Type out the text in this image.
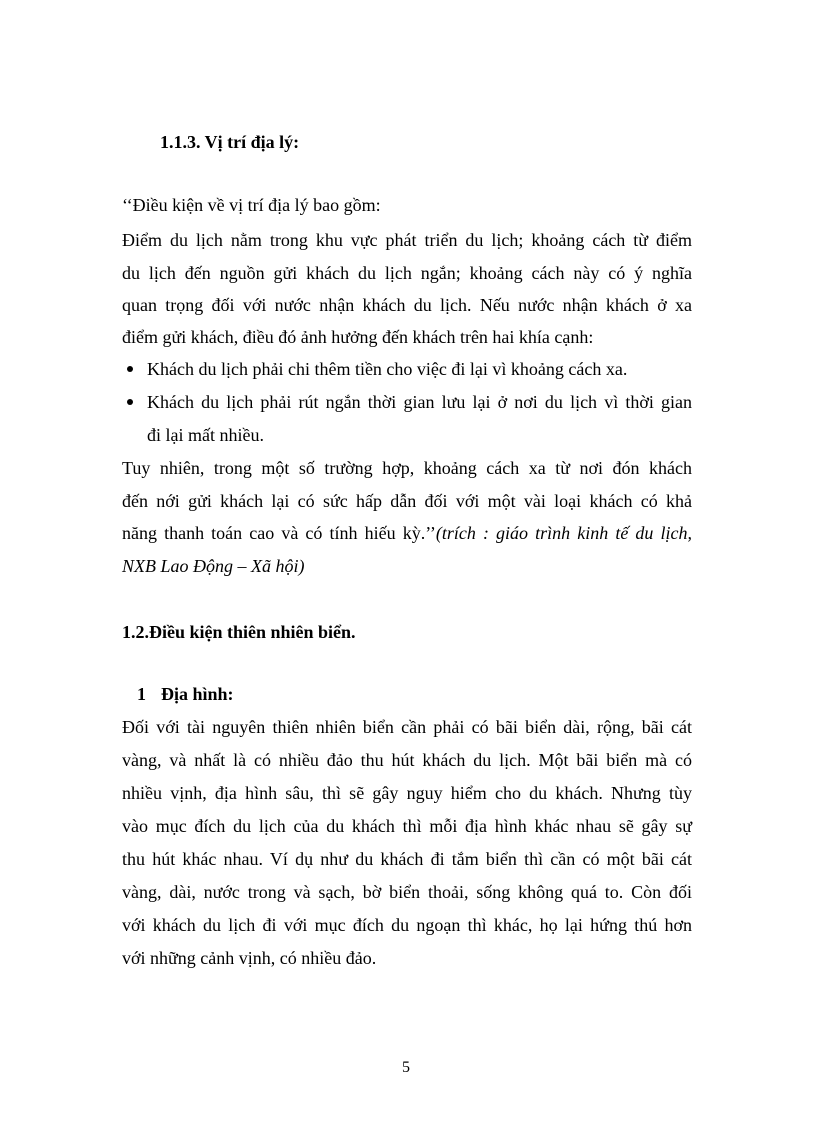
1.1.3. Vị trí địa lý:
‘‘Điều kiện về vị trí địa lý bao gồm:
Điểm du lịch nằm trong khu vực phát triển du lịch; khoảng cách từ điểm
du lịch đến nguồn gửi khách du lịch ngắn; khoảng cách này có ý nghĩa
quan trọng đối với nước nhận khách du lịch. Nếu nước nhận khách ở xa
điểm gửi khách, điều đó ảnh hưởng đến khách trên hai khía cạnh:
Khách du lịch phải chi thêm tiền cho việc đi lại vì khoảng cách xa.
Khách du lịch phải rút ngắn thời gian lưu lại ở nơi du lịch vì thời gian
đi lại mất nhiều.
Tuy nhiên, trong một số trường hợp, khoảng cách xa từ nơi đón khách
đến nới gửi khách lại có sức hấp dẫn đối với một vài loại khách có khả
năng thanh toán cao và có tính hiếu kỳ.’’(trích : giáo trình kinh tế du lịch,
NXB Lao Động – Xã hội)
1.2.Điều kiện thiên nhiên biển.
1 Địa hình:
Đối với tài nguyên thiên nhiên biển cần phải có bãi biển dài, rộng, bãi cát
vàng, và nhất là có nhiều đảo thu hút khách du lịch. Một bãi biển mà có
nhiều vịnh, địa hình sâu, thì sẽ gây nguy hiểm cho du khách. Nhưng tùy
vào mục đích du lịch của du khách thì mỗi địa hình khác nhau sẽ gây sự
thu hút khác nhau. Ví dụ như du khách đi tắm biển thì cần có một bãi cát
vàng, dài, nước trong và sạch, bờ biển thoải, sống không quá to. Còn đối
với khách du lịch đi với mục đích du ngoạn thì khác, họ lại hứng thú hơn
với những cảnh vịnh, có nhiều đảo.
5
